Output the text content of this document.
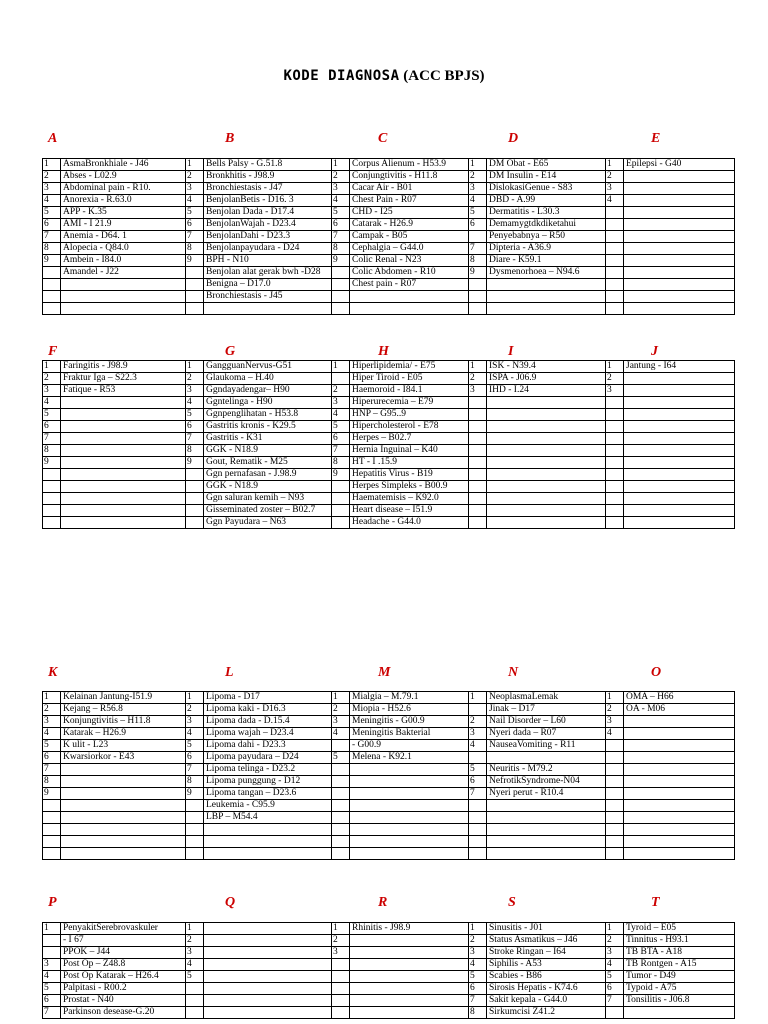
KODE DIAGNOSA (ACC BPJS)
A	B	C	D	E
1	AsmaBronkhiale - J46	1	Bells Palsy - G.51.8	1	Corpus Alienum - H53.9	1	DM Obat - E65	1	Epilepsi - G40
2	Abses - L02.9	2	Bronkhitis - J98.9	2	Conjungtivitis - H11.8	2	DM Insulin - E14	2	
3	Abdominal pain - R10.	3	Bronchiestasis - J47	3	Cacar Air - B01	3	DislokasiGenue - S83	3	
4	Anorexia - R.63.0	4	BenjolanBetis - D16. 3	4	Chest Pain - R07	4	DBD - A.99	4	
5	APP - K.35	5	Benjolan Dada - D17.4	5	CHD - I25	5	Dermatitis - L30.3		
6	AMI - I 21.9	6	BenjolanWajah - D23.4	6	Catarak - H26.9	6	Demamygtdkdiketahui		
7	Anemia - D64. 1	7	BenjolanDahi - D23.3	7	Campak - B05		Penyebabnya – R50		
8	Alopecia - Q84.0	8	Benjolanpayudara - D24	8	Cephalgia – G44.0	7	Dipteria - A36.9		
9	Ambein - I84.0	9	BPH - N10	9	Colic Renal - N23	8	Diare - K59.1		
	Amandel - J22		Benjolan alat gerak bwh -D28		Colic Abdomen - R10	9	Dysmenorhoea – N94.6		
			Benigna – D17.0		Chest pain - R07				
			Bronchiestasis - J45						

F	G	H	I	J
1	Faringitis - J98.9	1	GangguanNervus-G51	1	Hiperlipidemia/ - E75	1	ISK - N39.4	1	Jantung - I64
2	Fraktur Iga – S22.3	2	Glaukoma – H.40		Hiper Tiroid - E05	2	ISPA - J06.9	2	
3	Fatique - R53	3	Ggndayadengar– H90	2	Haemoroid - I84.1	3	IHD - I.24	3	
4		4	Ggntelinga - H90	3	Hiperurecemia – E79				
5		5	Ggnpenglihatan - H53.8	4	HNP – G95..9				
6		6	Gastritis kronis - K29.5	5	Hipercholesterol - E78				
7		7	Gastritis - K31	6	Herpes – B02.7				
8		8	GGK - N18.9	7	Hernia Inguinal – K40				
9		9	Gout, Rematik - M25	8	HT - I .15.9				
			Ggn pernafasan - J.98.9	9	Hepatitis Virus - B19				
			GGK - N18.9		Herpes Simpleks - B00.9				
			Ggn saluran kemih – N93		Haematemisis – K92.0				
			Gisseminated zoster – B02.7		Heart disease – I51.9				
			Ggn Payudara – N63		Headache - G44.0				
K	L	M	N	O
1	Kelainan Jantung-I51.9	1	Lipoma - D17	1	Mialgia – M.79.1	1	NeoplasmaLemak	1	OMA – H66
2	Kejang – R56.8	2	Lipoma kaki - D16.3	2	Miopia - H52.6		Jinak – D17	2	OA - M06
3	Konjungtivitis – H11.8	3	Lipoma dada - D.15.4	3	Meningitis - G00.9	2	Nail Disorder – L60	3	
4	Katarak – H26.9	4	Lipoma wajah – D23.4	4	Meningitis Bakterial	3	Nyeri dada – R07	4	
5	K ulit - L23	5	Lipoma dahi - D23.3		- G00.9	4	NauseaVomiting - R11		
6	Kwarsiorkor - E43	6	Lipoma payudara – D24	5	Melena - K92.1				
7		7	Lipoma telinga - D23.2			5	Neuritis - M79.2		
8		8	Lipoma punggung - D12			6	NefrotikSyndrome-N04		
9		9	Lipoma tangan – D23.6			7	Nyeri perut - R10.4		
			Leukemia - C95.9						
			LBP – M54.4						

P	Q	R	S	T
1	PenyakitSerebrovaskuler	1		1	Rhinitis - J98.9	1	Sinusitis - J01	1	Tyroid – E05
	- I 67	2		2		2	Status Asmatikus – J46	2	Tinnitus - H93.1
	PPOK – J44	3		3		3	Stroke Ringan – I64	3	TB BTA - A18
3	Post Op – Z48.8	4				4	Siphilis - A53	4	TB Rontgen - A15
4	Post Op Katarak – H26.4	5				5	Scabies - B86	5	Tumor - D49
5	Palpitasi - R00.2					6	Sirosis Hepatis - K74.6	6	Typoid - A75
6	Prostat - N40					7	Sakit kepala - G44.0	7	Tonsilitis - J06.8
7	Parkinson desease-G.20					8	Sirkumcisi Z41.2		
